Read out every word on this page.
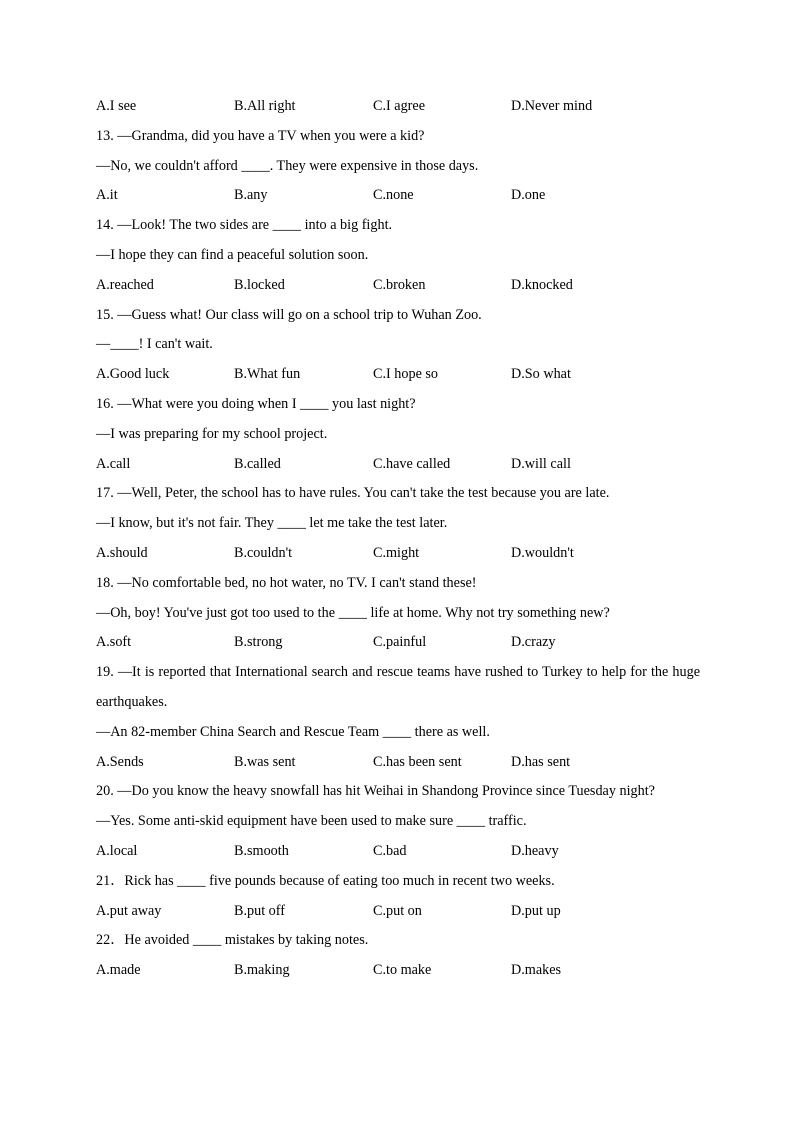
A.I see	B.All right	C.I agree	D.Never mind
13. —Grandma, did you have a TV when you were a kid?
—No, we couldn't afford ____. They were expensive in those days.
A.it	B.any	C.none	D.one
14. —Look! The two sides are ____ into a big fight.
—I hope they can find a peaceful solution soon.
A.reached	B.locked	C.broken	D.knocked
15. —Guess what! Our class will go on a school trip to Wuhan Zoo.
—____! I can't wait.
A.Good luck	B.What fun	C.I hope so	D.So what
16. —What were you doing when I ____ you last night?
—I was preparing for my school project.
A.call	B.called	C.have called	D.will call
17. —Well, Peter, the school has to have rules. You can't take the test because you are late.
—I know, but it's not fair. They ____ let me take the test later.
A.should	B.couldn't	C.might	D.wouldn't
18. —No comfortable bed, no hot water, no TV. I can't stand these!
—Oh, boy! You've just got too used to the ____ life at home. Why not try something new?
A.soft	B.strong	C.painful	D.crazy
19. —It is reported that International search and rescue teams have rushed to Turkey to help for the huge earthquakes.
—An 82-member China Search and Rescue Team ____ there as well.
A.Sends	B.was sent	C.has been sent	D.has sent
20. —Do you know the heavy snowfall has hit Weihai in Shandong Province since Tuesday night?
—Yes. Some anti-skid equipment have been used to make sure ____ traffic.
A.local	B.smooth	C.bad	D.heavy
21．Rick has ____ five pounds because of eating too much in recent two weeks.
A.put away	B.put off	C.put on	D.put up
22．He avoided ____ mistakes by taking notes.
A.made	B.making	C.to make	D.makes
